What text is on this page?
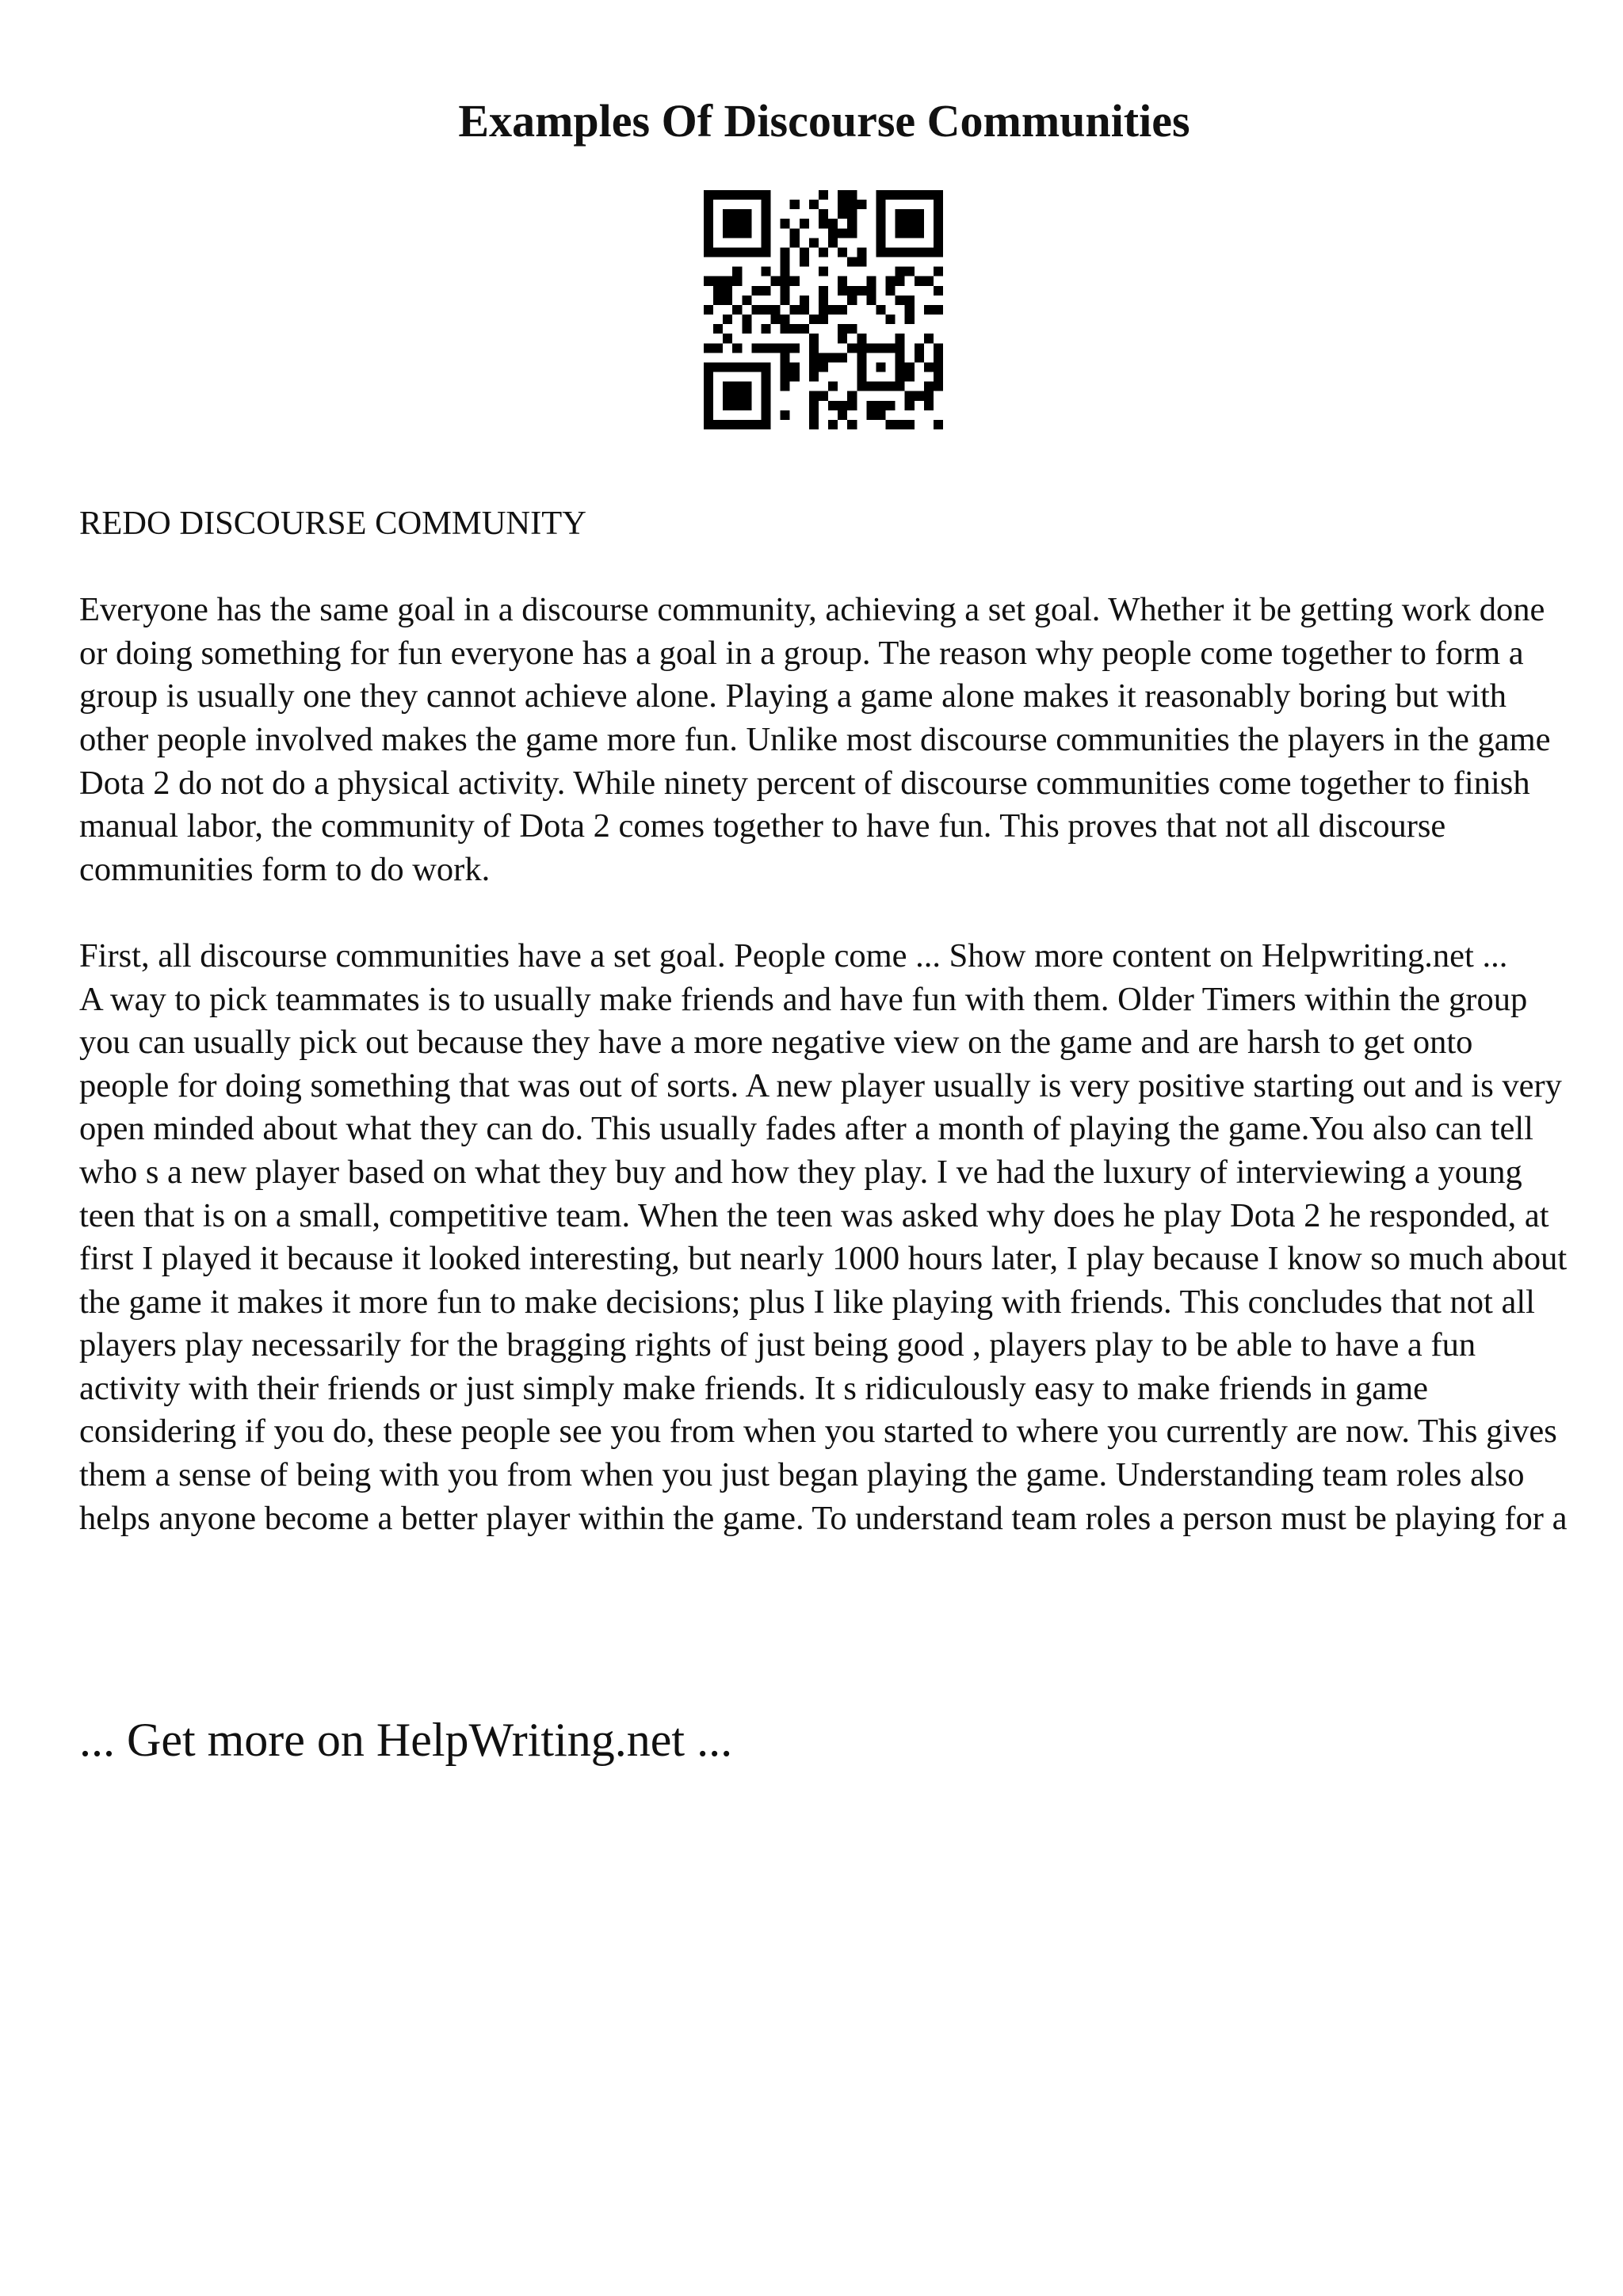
Examples Of Discourse Communities

REDO DISCOURSE COMMUNITY

Everyone has the same goal in a discourse community, achieving a set goal. Whether it be getting work done or doing something for fun everyone has a goal in a group. The reason why people come together to form a group is usually one they cannot achieve alone. Playing a game alone makes it reasonably boring but with other people involved makes the game more fun. Unlike most discourse communities the players in the game Dota 2 do not do a physical activity. While ninety percent of discourse communities come together to finish manual labor, the community of Dota 2 comes together to have fun. This proves that not all discourse communities form to do work.

First, all discourse communities have a set goal. People come ... Show more content on Helpwriting.net ...

A way to pick teammates is to usually make friends and have fun with them. Older Timers within the group you can usually pick out because they have a more negative view on the game and are harsh to get onto people for doing something that was out of sorts. A new player usually is very positive starting out and is very open minded about what they can do. This usually fades after a month of playing the game.You also can tell who s a new player based on what they buy and how they play. I ve had the luxury of interviewing a young teen that is on a small, competitive team. When the teen was asked why does he play Dota 2 he responded, at first I played it because it looked interesting, but nearly 1000 hours later, I play because I know so much about the game it makes it more fun to make decisions; plus I like playing with friends. This concludes that not all players play necessarily for the bragging rights of just being good , players play to be able to have a fun activity with their friends or just simply make friends. It s ridiculously easy to make friends in game considering if you do, these people see you from when you started to where you currently are now. This gives them a sense of being with you from when you just began playing the game. Understanding team roles also helps anyone become a better player within the game. To understand team roles a person must be playing for a

... Get more on HelpWriting.net ...
